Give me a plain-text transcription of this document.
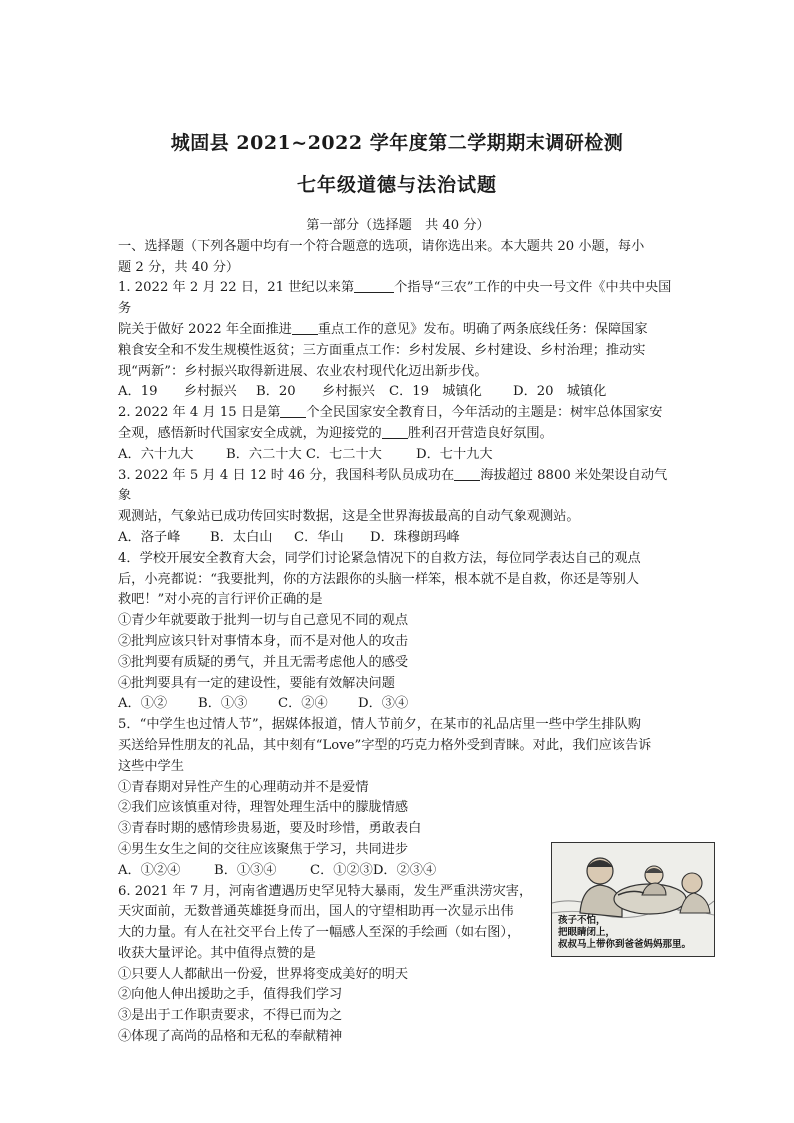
城固县 2021~2022 学年度第二学期期末调研检测
七年级道德与法治试题

第一部分（选择题　共 40 分）

一、选择题（下列各题中均有一个符合题意的选项，请你选出来。本大题共 20 小题，每小

题 2 分，共 40 分）

1. 2022 年 2 月 22 日，21 世纪以来第	个指导“三农”工作的中央一号文件《中共中央国务

院关于做好 2022 年全面推进 重点工作的意见》发布。明确了两条底线任务：保障国家

粮食安全和不发生规模性返贫；三方面重点工作：乡村发展、乡村建设、乡村治理；推动实

现“两新”：乡村振兴取得新进展、农业农村现代化迈出新步伐。

A．19　　乡村振兴 B．20　　乡村振兴 C．19　城镇化 D．20　城镇化

2. 2022 年 4 月 15 日是第 个全民国家安全教育日，今年活动的主题是：树牢总体国家安

全观，感悟新时代国家安全成就，为迎接党的 胜利召开营造良好氛围。

A．六十九大 B．六二十大 C．七二十大	D．七十九大

3. 2022 年 5 月 4 日 12 时 46 分，我国科考队员成功在 海拔超过 8800 米处架设自动气象

观测站，气象站已成功传回实时数据，这是全世界海拔最高的自动气象观测站。

A．洛子峰 B．太白山 C．华山 D．珠穆朗玛峰

4．学校开展安全教育大会，同学们讨论紧急情况下的自救方法，每位同学表达自己的观点

后，小亮都说：“我要批判，你的方法跟你的头脑一样笨，根本就不是自救，你还是等别人

救吧！”对小亮的言行评价正确的是

①青少年就要敢于批判一切与自己意见不同的观点

②批判应该只针对事情本身，而不是对他人的攻击

③批判要有质疑的勇气，并且无需考虑他人的感受

④批判要具有一定的建设性，要能有效解决问题

A．①② B．①③ C．②④ D．③④

5．“中学生也过情人节”，据媒体报道，情人节前夕，在某市的礼品店里一些中学生排队购

买送给异性朋友的礼品，其中刻有“Love”字型的巧克力格外受到青睐。对此，我们应该告诉

这些中学生

①青春期对异性产生的心理萌动并不是爱情

②我们应该慎重对待，理智处理生活中的朦胧情感

③青春时期的感情珍贵易逝，要及时珍惜，勇敢表白

④男生女生之间的交往应该聚焦于学习，共同进步

A．①②④	B．①③④	C．①②③D．②③④

6. 2021 年 7 月，河南省遭遇历史罕见特大暴雨，发生严重洪涝灾害，

天灾面前，无数普通英雄挺身而出，国人的守望相助再一次显示出伟

大的力量。有人在社交平台上传了一幅感人至深的手绘画（如右图），

收获大量评论。其中值得点赞的是

①只要人人都献出一份爱，世界将变成美好的明天

②向他人伸出援助之手，值得我们学习

③是出于工作职责要求，不得已而为之

④体现了高尚的品格和无私的奉献精神

孩子不怕，
把眼睛闭上，
叔叔马上带你到爸爸妈妈那里。
